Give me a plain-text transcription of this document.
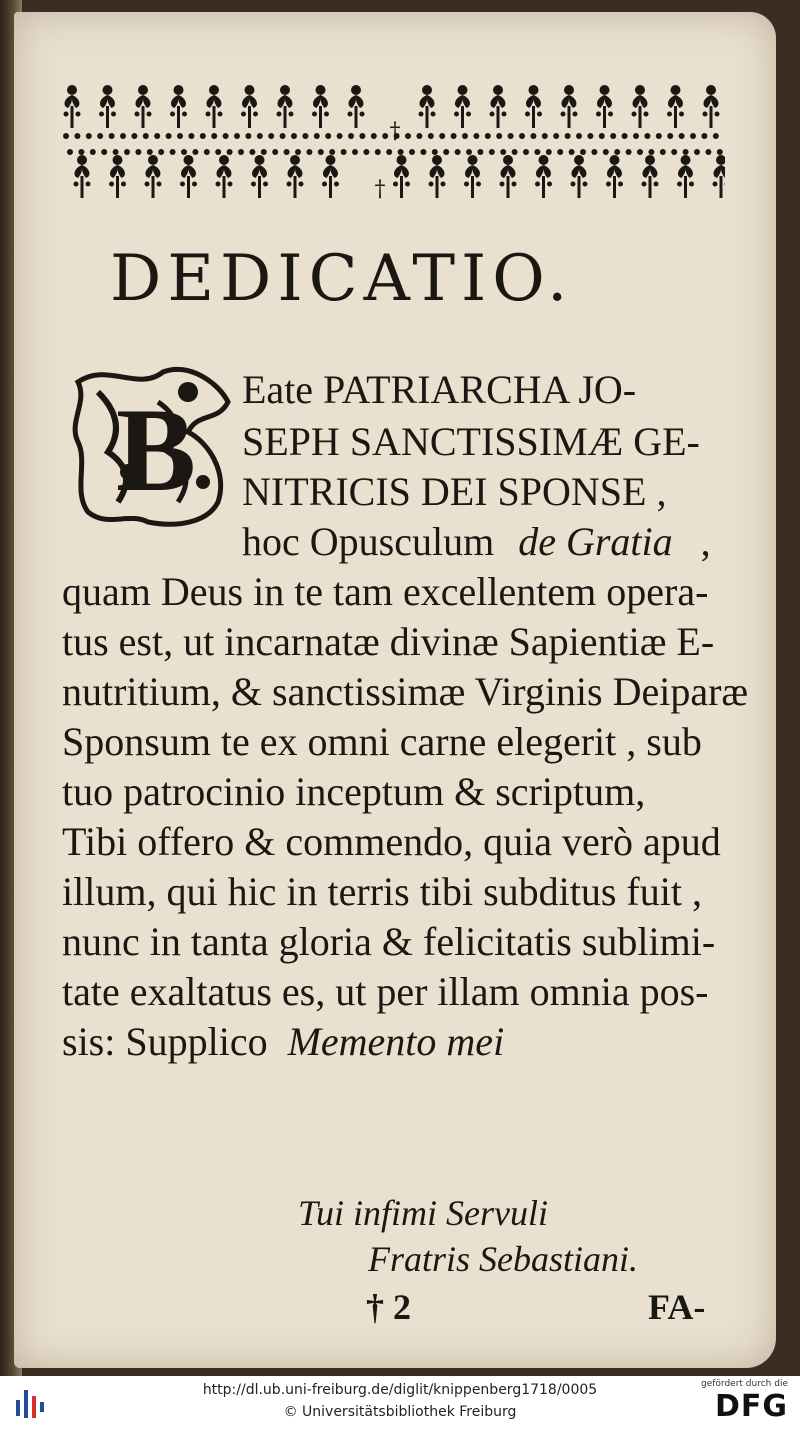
†
†
DEDICATIO.
B Eate PATRIARCHA JO-
SEPH SANCTISSIMÆ GE-
NITRICIS DEI SPONSE ,
hoc Opusculum de Gratia ,
quam Deus in te tam excellentem opera-
tus est, ut incarnatæ divinæ Sapientiæ E-
nutritium, & sanctissimæ Virginis Deiparæ
Sponsum te ex omni carne elegerit , sub
tuo patrocinio inceptum & scriptum,
Tibi offero & commendo, quia verò apud
illum, qui hic in terris tibi subditus fuit ,
nunc in tanta gloria & felicitatis sublimi-
tate exaltatus es, ut per illam omnia pos-
sis: Supplico Memento mei
Tui infimi Servuli
Fratris Sebastiani.
† 2	FA-
http://dl.ub.uni-freiburg.de/diglit/knippenberg1718/0005
© Universitätsbibliothek Freiburg
gefördert durch die
DFG
